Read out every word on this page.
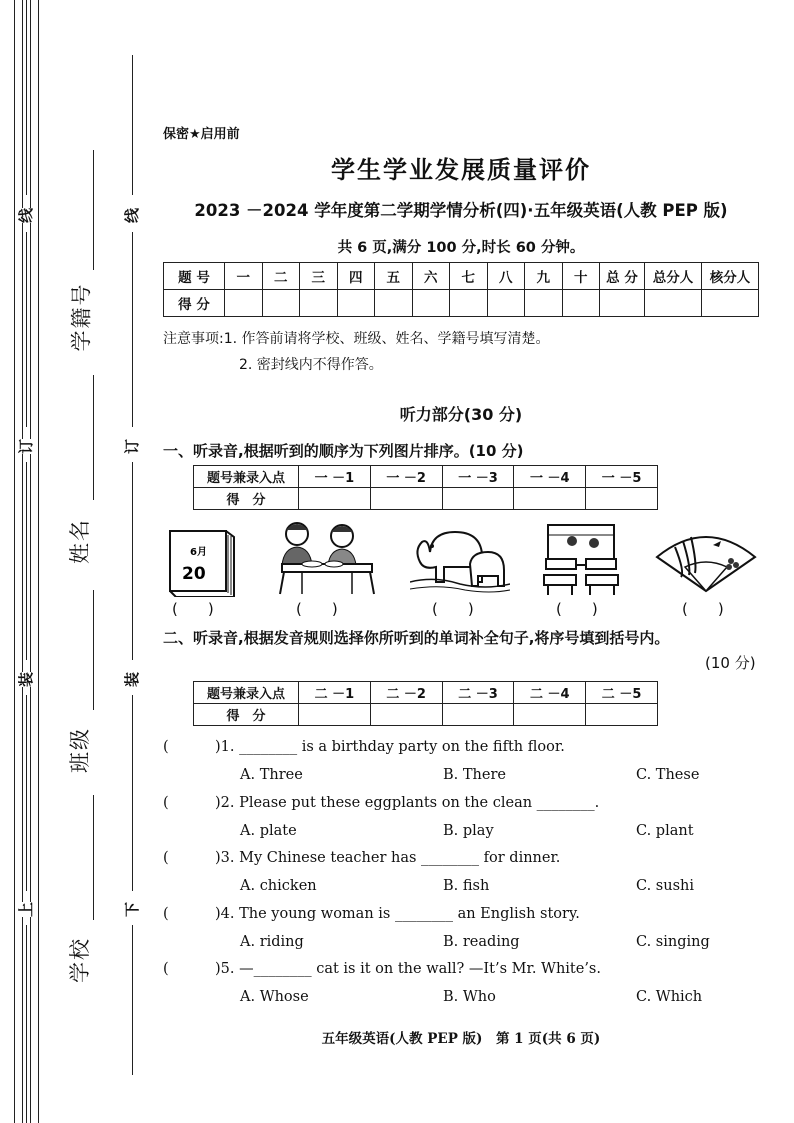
线
订
装
上
线
订
装
下
学籍号
姓名
班级
学校
保密★启用前
学生学业发展质量评价
2023 －2024 学年度第二学期学情分析(四)·五年级英语(人教 PEP 版)
共 6 页,满分 100 分,时长 60 分钟。
题 号	一	二	三	四	五	六	七	八	九	十	总 分	总分人	核分人
得 分													
注意事项:1. 作答前请将学校、班级、姓名、学籍号填写清楚。
2. 密封线内不得作答。
听力部分(30 分)
一、听录音,根据听到的顺序为下列图片排序。(10 分)
题号兼录入点	一 －1	一 －2	一 －3	一 －4	一 －5
得　分					
6月
20
(　　)	(　　)	(　　)	(　　)	(　　)
二、听录音,根据发音规则选择你所听到的单词补全句子,将序号填到括号内。
(10 分)
题号兼录入点	二 －1	二 －2	二 －3	二 －4	二 －5
得　分					
(	)1. ________ is a birthday party on the fifth floor.
A. Three	B. There	C. These
(	)2. Please put these eggplants on the clean ________.
A. plate	B. play	C. plant
(	)3. My Chinese teacher has ________ for dinner.
A. chicken	B. fish	C. sushi
(	)4. The young woman is ________ an English story.
A. riding	B. reading	C. singing
(	)5. —________ cat is it on the wall? —It’s Mr. White’s.
A. Whose	B. Who	C. Which
五年级英语(人教 PEP 版)　第 1 页(共 6 页)
